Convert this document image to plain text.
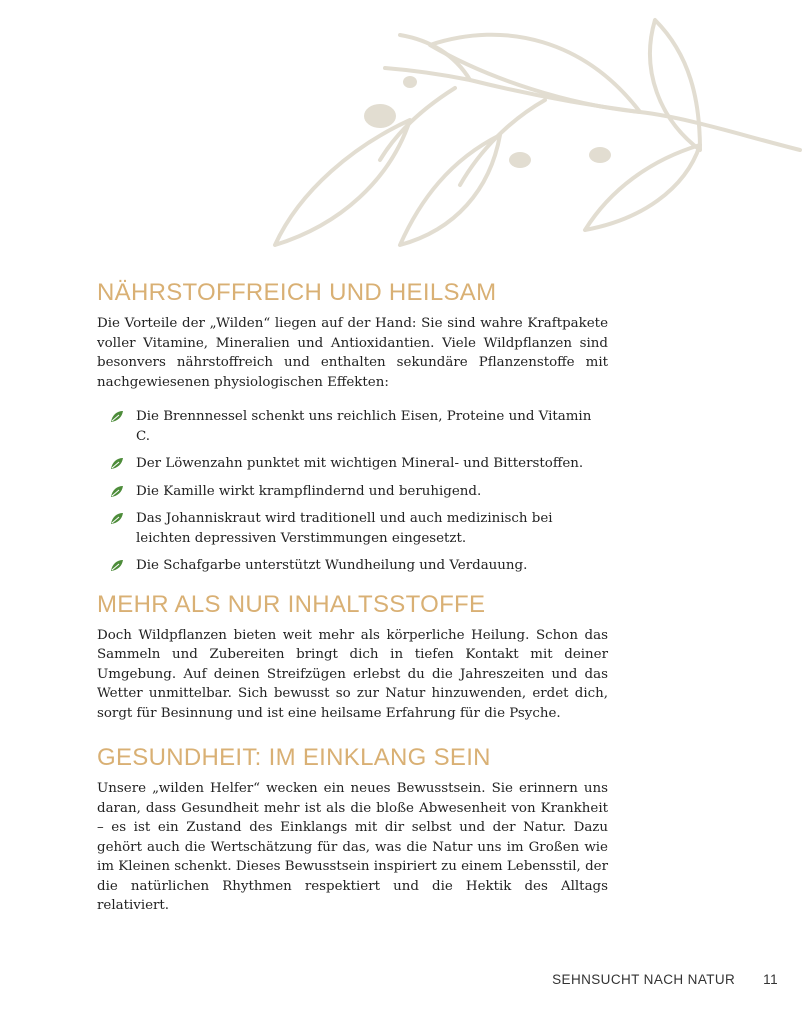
NÄHRSTOFFREICH UND HEILSAM

Die Vorteile der „Wilden“ liegen auf der Hand: Sie sind wahre Kraftpakete voller Vitamine, Mineralien und Antioxidantien. Viele Wildpflanzen sind besonvers nährstoffreich und enthalten sekundäre Pflanzenstoffe mit nachgewiesenen physiologischen Effekten:

Die Brennnessel schenkt uns reichlich Eisen, Proteine und Vitamin C.
Der Löwenzahn punktet mit wichtigen Mineral- und Bitterstoffen.
Die Kamille wirkt krampflindernd und beruhigend.
Das Johanniskraut wird traditionell und auch medizinisch bei leichten depressiven Verstimmungen eingesetzt.
Die Schafgarbe unterstützt Wundheilung und Verdauung.
MEHR ALS NUR INHALTSSTOFFE

Doch Wildpflanzen bieten weit mehr als körperliche Heilung. Schon das Sammeln und Zubereiten bringt dich in tiefen Kontakt mit deiner Umgebung. Auf deinen Streifzügen erlebst du die Jahreszeiten und das Wetter unmittelbar. Sich bewusst so zur Natur hinzuwenden, erdet dich, sorgt für Besinnung und ist eine heilsame Erfahrung für die Psyche.

GESUNDHEIT: IM EINKLANG SEIN

Unsere „wilden Helfer“ wecken ein neues Bewusstsein. Sie erinnern uns daran, dass Gesundheit mehr ist als die bloße Abwesenheit von Krankheit – es ist ein Zustand des Einklangs mit dir selbst und der Natur. Dazu gehört auch die Wertschätzung für das, was die Natur uns im Großen wie im Kleinen schenkt. Dieses Bewusstsein inspiriert zu einem Lebensstil, der die natürlichen Rhythmen respektiert und die Hektik des Alltags relativiert.

SEHNSUCHT NACH NATUR 11
